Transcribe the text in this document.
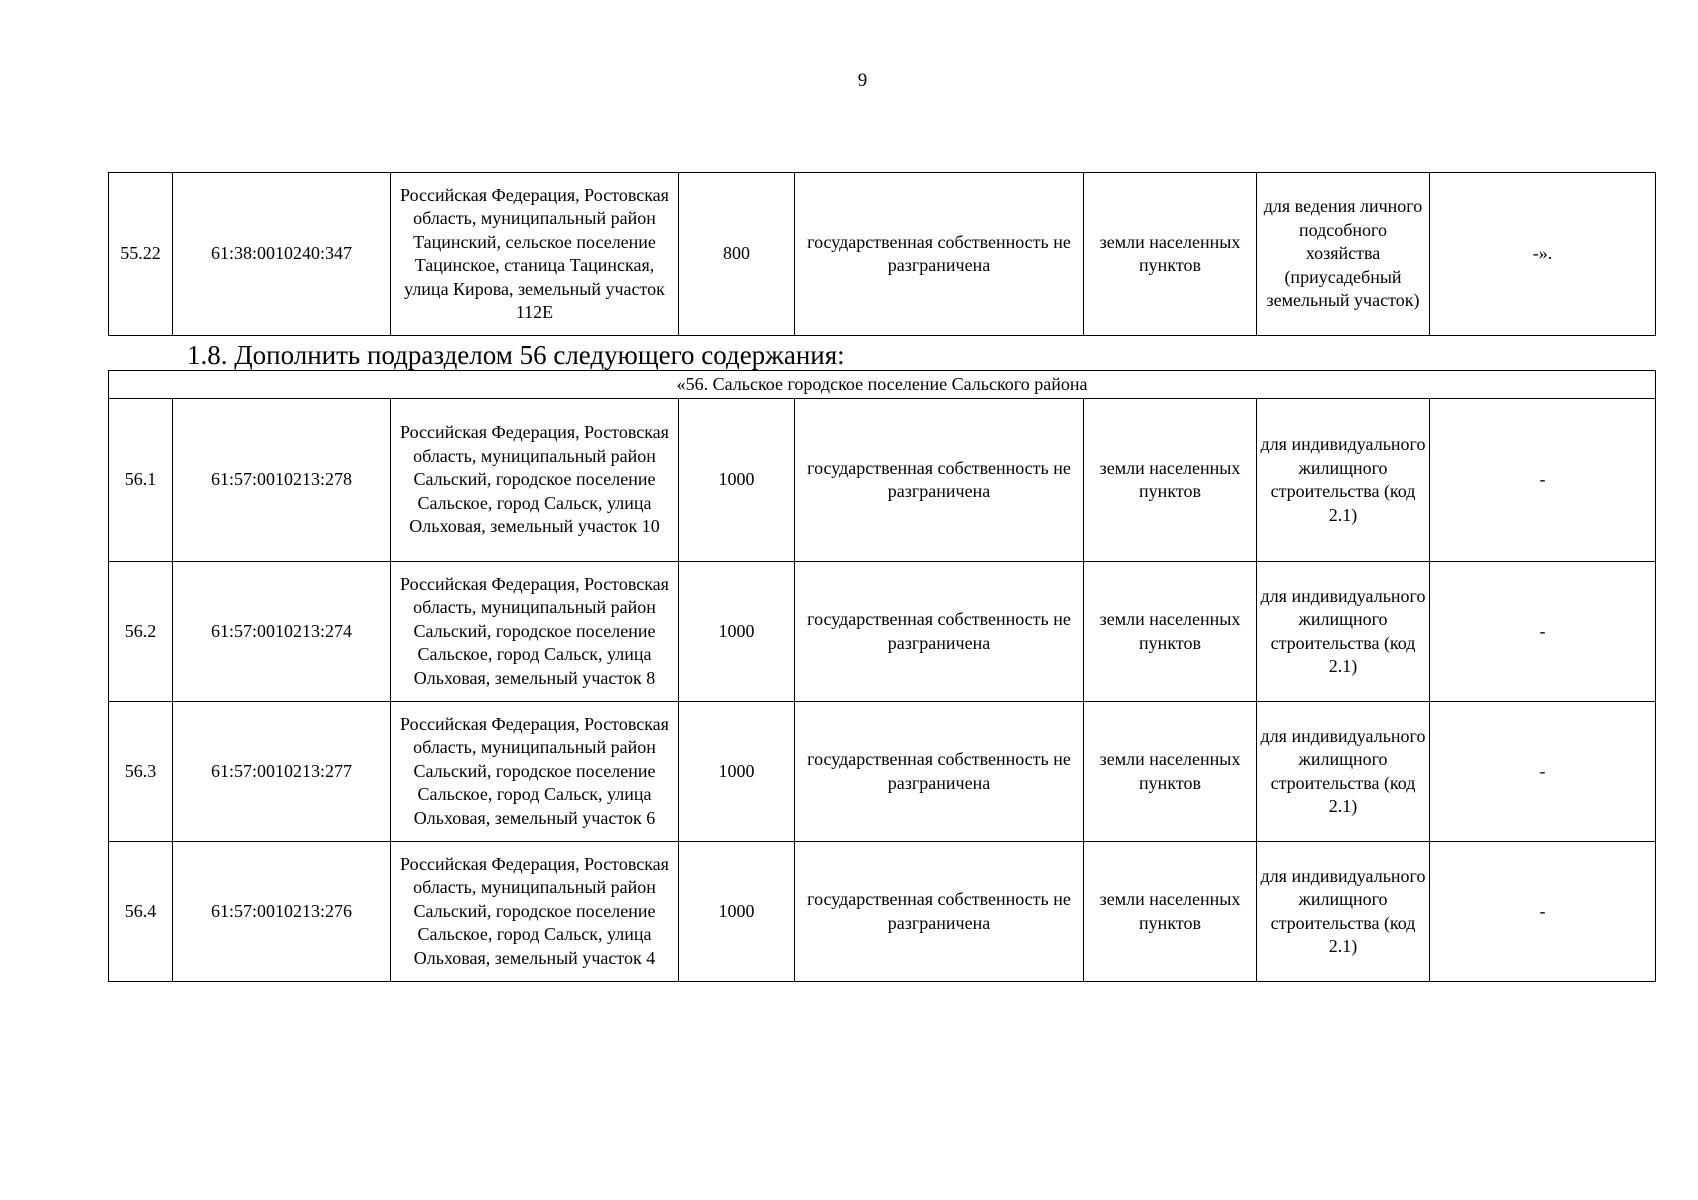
9
55.22	61:38:0010240:347	Российская Федерация, Ростовская область, муниципальный район Тацинский, сельское поселение Тацинское, станица Тацинская, улица Кирова, земельный участок 112Е	800	государственная собственность не разграничена	земли населенных пунктов	для ведения личного подсобного хозяйства (приусадебный земельный участок)	-».
1.8. Дополнить подразделом 56 следующего содержания:
«56. Сальское городское поселение Сальского района							
56.1	61:57:0010213:278	Российская Федерация, Ростовская область, муниципальный район Сальский, городское поселение Сальское, город Сальск, улица Ольховая, земельный участок 10	1000	государственная собственность не разграничена	земли населенных пунктов	для индивидуального жилищного строительства (код 2.1)	-
56.2	61:57:0010213:274	Российская Федерация, Ростовская область, муниципальный район Сальский, городское поселение Сальское, город Сальск, улица Ольховая, земельный участок 8	1000	государственная собственность не разграничена	земли населенных пунктов	для индивидуального жилищного строительства (код 2.1)	-
56.3	61:57:0010213:277	Российская Федерация, Ростовская область, муниципальный район Сальский, городское поселение Сальское, город Сальск, улица Ольховая, земельный участок 6	1000	государственная собственность не разграничена	земли населенных пунктов	для индивидуального жилищного строительства (код 2.1)	-
56.4	61:57:0010213:276	Российская Федерация, Ростовская область, муниципальный район Сальский, городское поселение Сальское, город Сальск, улица Ольховая, земельный участок 4	1000	государственная собственность не разграничена	земли населенных пунктов	для индивидуального жилищного строительства (код 2.1)	-
